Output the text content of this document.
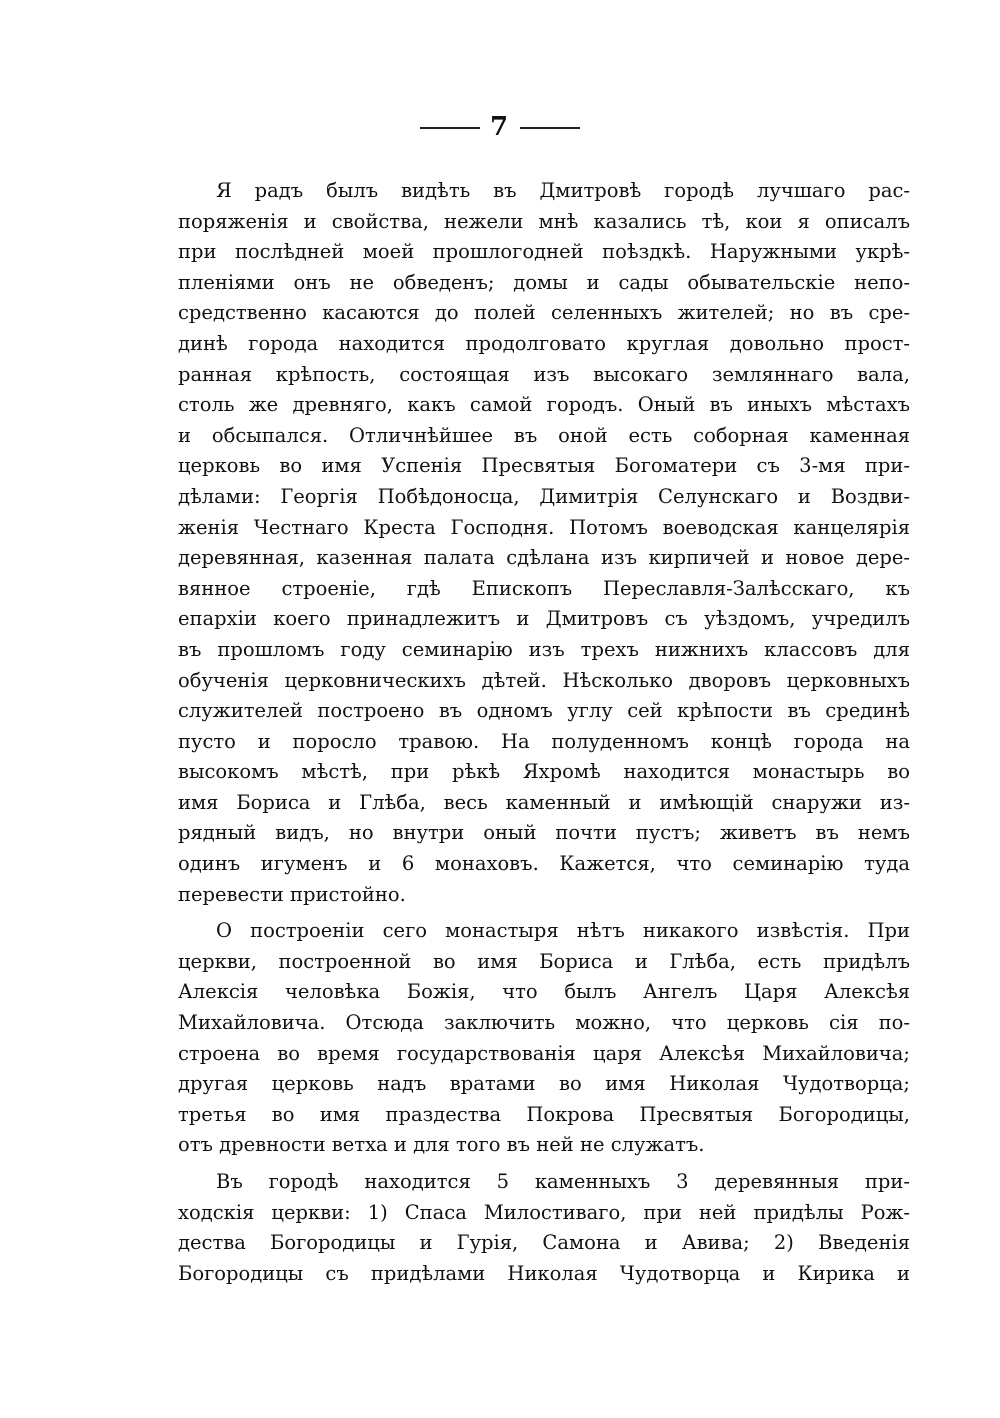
7
Я радъ былъ видѣть въ Дмитровѣ городѣ лучшаго рас-
поряженія и свойства, нежели мнѣ казались тѣ, кои я описалъ
при послѣдней моей прошлогодней поѣздкѣ. Наружными укрѣ-
пленіями онъ не обведенъ; домы и сады обывательскіе непо-
средственно касаются до полей селенныхъ жителей; но въ сре-
динѣ города находится продолговато круглая довольно прост-
ранная крѣпость, состоящая изъ высокаго земляннаго вала,
столь же древняго, какъ самой городъ. Оный въ иныхъ мѣстахъ
и обсыпался. Отличнѣйшее въ оной есть соборная каменная
церковь во имя Успенія Пресвятыя Богоматери съ 3-мя при-
дѣлами: Георгія Побѣдоносца, Димитрія Селунскаго и Воздви-
женія Честнаго Креста Господня. Потомъ воеводская канцелярія
деревянная, казенная палата сдѣлана изъ кирпичей и новое дере-
вянное строеніе, гдѣ Епископъ Переславля-Залѣсскаго, къ
епархіи коего принадлежитъ и Дмитровъ съ уѣздомъ, учредилъ
въ прошломъ году семинарію изъ трехъ нижнихъ классовъ для
обученія церковническихъ дѣтей. Нѣсколько дворовъ церковныхъ
служителей построено въ одномъ углу сей крѣпости въ срединѣ
пусто и поросло травою. На полуденномъ концѣ города на
высокомъ мѣстѣ, при рѣкѣ Яхромѣ находится монастырь во
имя Бориса и Глѣба, весь каменный и имѣющій снаружи из-
рядный видъ, но внутри оный почти пустъ; живетъ въ немъ
одинъ игуменъ и 6 монаховъ. Кажется, что семинарію туда
перевести пристойно.
О построеніи сего монастыря нѣтъ никакого извѣстія. При
церкви, построенной во имя Бориса и Глѣба, есть придѣлъ
Алексія человѣка Божія, что былъ Ангелъ Царя Алексѣя
Михайловича. Отсюда заключить можно, что церковь сія по-
строена во время государствованія царя Алексѣя Михайловича;
другая церковь надъ вратами во имя Николая Чудотворца;
третья во имя праздества Покрова Пресвятыя Богородицы,
отъ древности ветха и для того въ ней не служатъ.
Въ городѣ находится 5 каменныхъ 3 деревянныя при-
ходскія церкви: 1) Спаса Милостиваго, при ней придѣлы Рож-
дества Богородицы и Гурія, Самона и Авива; 2) Введенія
Богородицы съ придѣлами Николая Чудотворца и Кирика и
